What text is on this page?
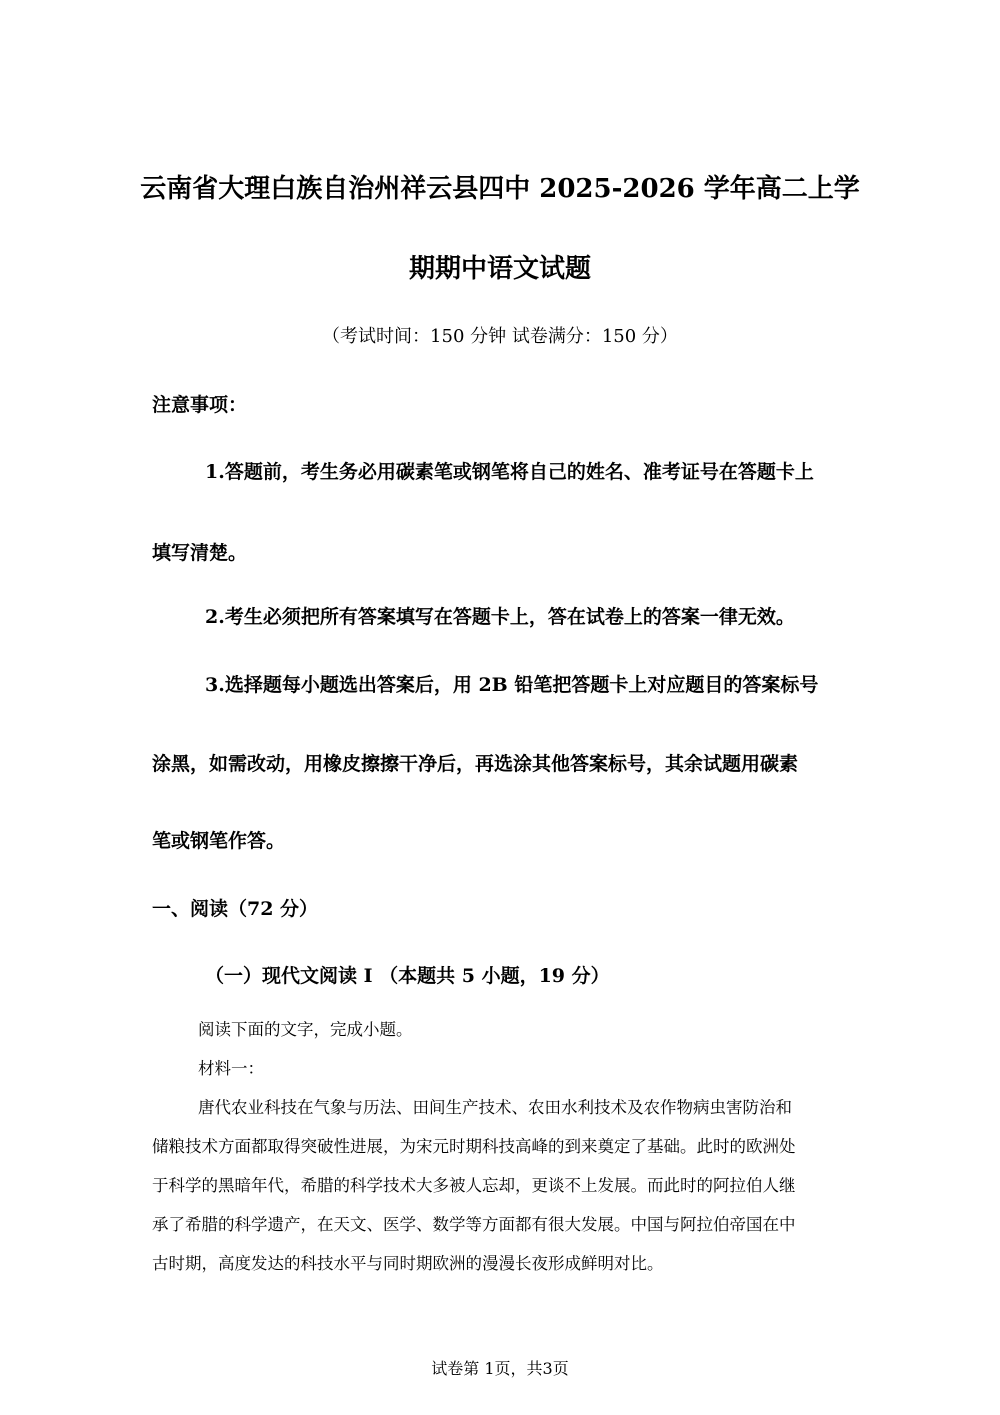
云南省大理白族自治州祥云县四中 2025-2026 学年高二上学
期期中语文试题
（考试时间：150 分钟 试卷满分：150 分）
注意事项：
1.答题前，考生务必用碳素笔或钢笔将自己的姓名、准考证号在答题卡上
填写清楚。
2.考生必须把所有答案填写在答题卡上，答在试卷上的答案一律无效。
3.选择题每小题选出答案后，用 2B 铅笔把答题卡上对应题目的答案标号
涂黑，如需改动，用橡皮擦擦干净后，再选涂其他答案标号，其余试题用碳素
笔或钢笔作答。
一、阅读（72 分）
（一）现代文阅读 I （本题共 5 小题，19 分）
阅读下面的文字，完成小题。
材料一：
唐代农业科技在气象与历法、田间生产技术、农田水利技术及农作物病虫害防治和
储粮技术方面都取得突破性进展，为宋元时期科技高峰的到来奠定了基础。此时的欧洲处
于科学的黑暗年代，希腊的科学技术大多被人忘却，更谈不上发展。而此时的阿拉伯人继
承了希腊的科学遗产，在天文、医学、数学等方面都有很大发展。中国与阿拉伯帝国在中
古时期，高度发达的科技水平与同时期欧洲的漫漫长夜形成鲜明对比。
试卷第 1页，共3页
